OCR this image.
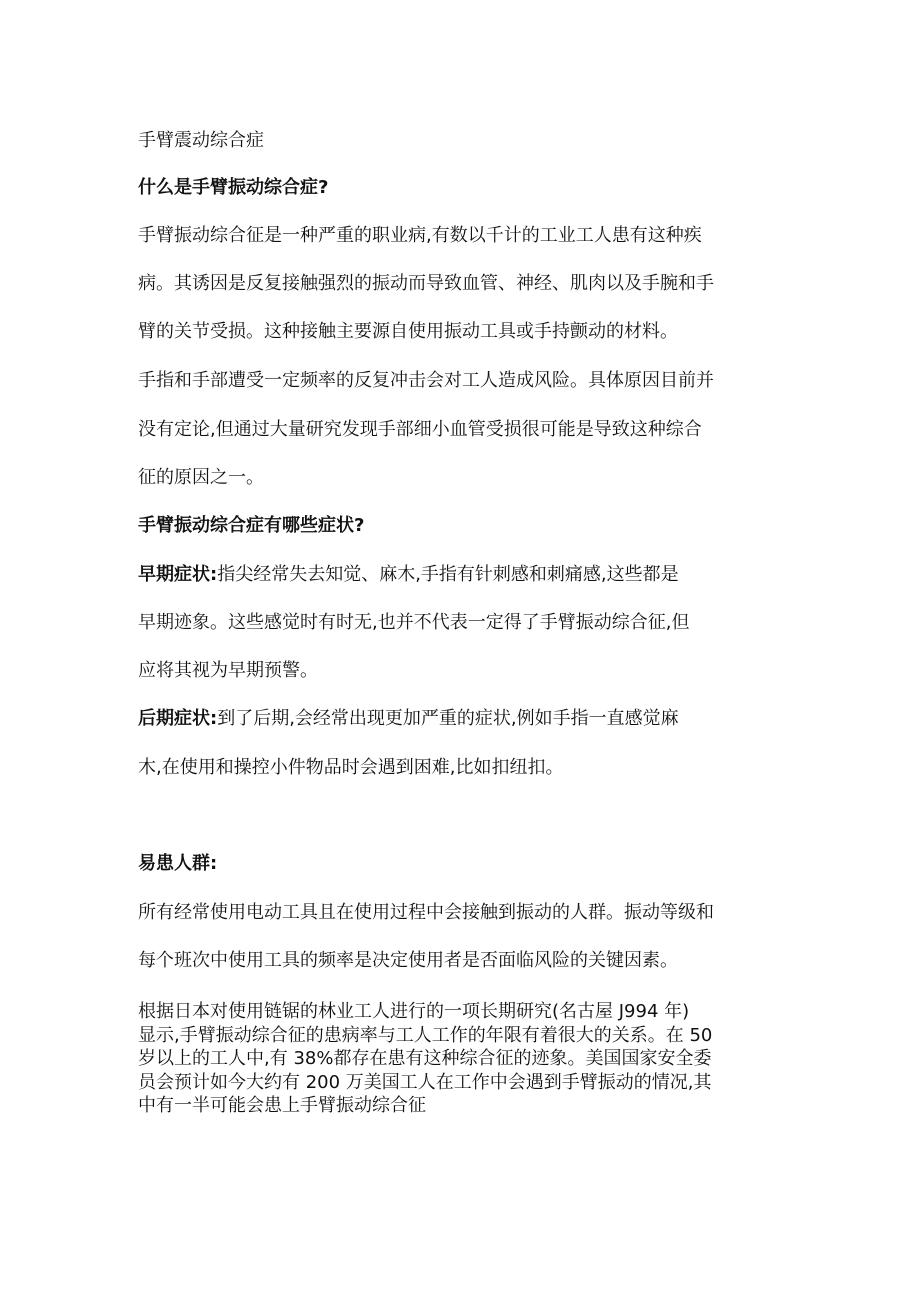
手臂震动综合症
什么是手臂振动综合症?
手臂振动综合征是一种严重的职业病,有数以千计的工业工人患有这种疾
病。其诱因是反复接触强烈的振动而导致血管、神经、肌肉以及手腕和手
臂的关节受损。这种接触主要源自使用振动工具或手持颤动的材料。
手指和手部遭受一定频率的反复冲击会对工人造成风险。具体原因目前并
没有定论,但通过大量研究发现手部细小血管受损很可能是导致这种综合
征的原因之一。
手臂振动综合症有哪些症状?
早期症状:指尖经常失去知觉、麻木,手指有针刺感和刺痛感,这些都是
早期迹象。这些感觉时有时无,也并不代表一定得了手臂振动综合征,但
应将其视为早期预警。
后期症状:到了后期,会经常出现更加严重的症状,例如手指一直感觉麻
木,在使用和操控小件物品时会遇到困难,比如扣纽扣。
易患人群:
所有经常使用电动工具且在使用过程中会接触到振动的人群。振动等级和
每个班次中使用工具的频率是决定使用者是否面临风险的关键因素。
根据日本对使用链锯的林业工人进行的一项长期研究(名古屋 J994 年)
显示,手臂振动综合征的患病率与工人工作的年限有着很大的关系。在 50
岁以上的工人中,有 38%都存在患有这种综合征的迹象。美国国家安全委
员会预计如今大约有 200 万美国工人在工作中会遇到手臂振动的情况,其
中有一半可能会患上手臂振动综合征
